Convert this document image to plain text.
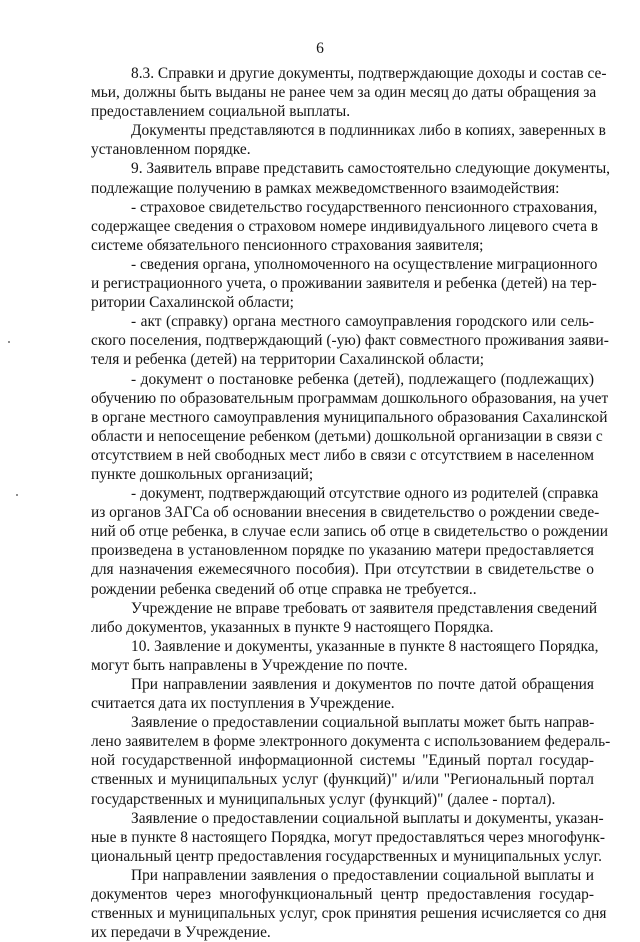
6
8.3. Справки и другие документы, подтверждающие доходы и состав се-
мьи, должны быть выданы не ранее чем за один месяц до даты обращения за
предоставлением социальной выплаты.
Документы представляются в подлинниках либо в копиях, заверенных в
установленном порядке.
9. Заявитель вправе представить самостоятельно следующие документы,
подлежащие получению в рамках межведомственного взаимодействия:
- страховое свидетельство государственного пенсионного страхования,
содержащее сведения о страховом номере индивидуального лицевого счета в
системе обязательного пенсионного страхования заявителя;
- сведения органа, уполномоченного на осуществление миграционного
и регистрационного учета, о проживании заявителя и ребенка (детей) на тер-
ритории Сахалинской области;
- акт (справку) органа местного самоуправления городского или сель-
ского поселения, подтверждающий (-ую) факт совместного проживания заяви-
теля и ребенка (детей) на территории Сахалинской области;
- документ о постановке ребенка (детей), подлежащего (подлежащих)
обучению по образовательным программам дошкольного образования, на учет
в органе местного самоуправления муниципального образования Сахалинской
области и непосещение ребенком (детьми) дошкольной организации в связи с
отсутствием в ней свободных мест либо в связи с отсутствием в населенном
пункте дошкольных организаций;
- документ, подтверждающий отсутствие одного из родителей (справка
из органов ЗАГСа об основании внесения в свидетельство о рождении сведе-
ний об отце ребенка, в случае если запись об отце в свидетельство о рождении
произведена в установленном порядке по указанию матери предоставляется
для назначения ежемесячного пособия). При отсутствии в свидетельстве о
рождении ребенка сведений об отце справка не требуется..
Учреждение не вправе требовать от заявителя представления сведений
либо документов, указанных в пункте 9 настоящего Порядка.
10. Заявление и документы, указанные в пункте 8 настоящего Порядка,
могут быть направлены в Учреждение по почте.
При направлении заявления и документов по почте датой обращения
считается дата их поступления в Учреждение.
Заявление о предоставлении социальной выплаты может быть направ-
лено заявителем в форме электронного документа с использованием федераль-
ной государственной информационной системы "Единый портал государ-
ственных и муниципальных услуг (функций)" и/или "Региональный портал
государственных и муниципальных услуг (функций)" (далее - портал).
Заявление о предоставлении социальной выплаты и документы, указан-
ные в пункте 8 настоящего Порядка, могут предоставляться через многофунк-
циональный центр предоставления государственных и муниципальных услуг.
При направлении заявления о предоставлении социальной выплаты и
документов через многофункциональный центр предоставления государ-
ственных и муниципальных услуг, срок принятия решения исчисляется со дня
их передачи в Учреждение.
